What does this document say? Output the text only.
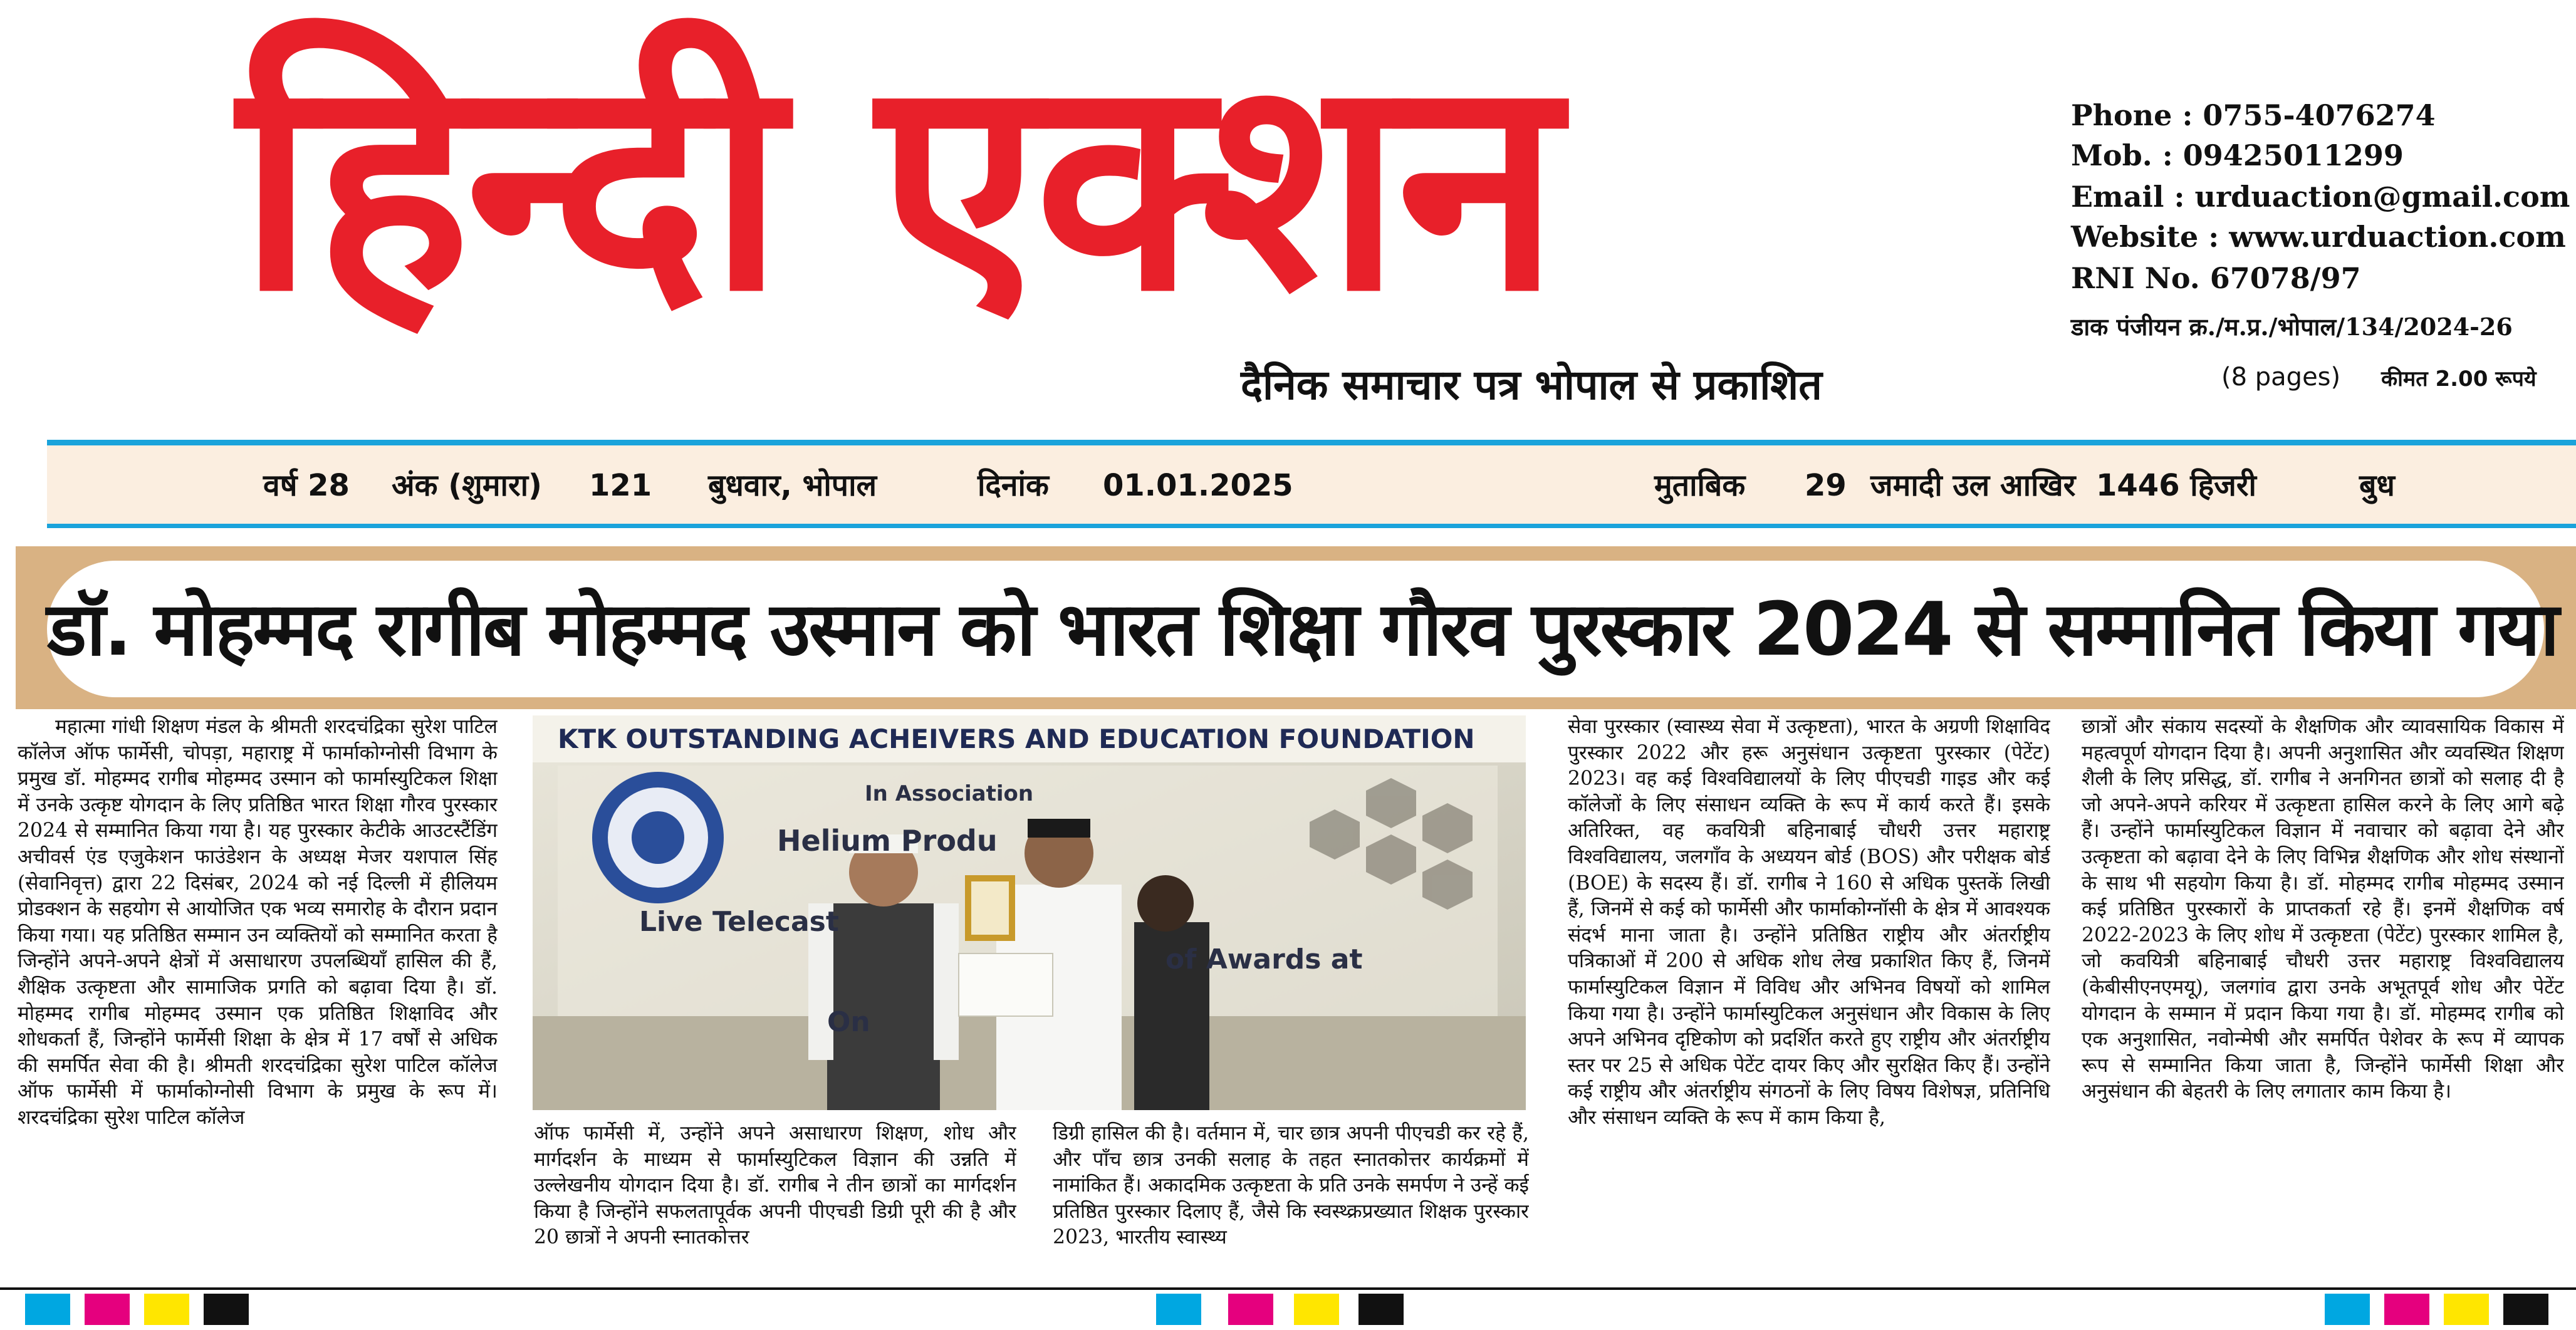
हिन्दी एक्शन
दैनिक समाचार पत्र भोपाल से प्रकाशित
Phone : 0755-4076274
Mob. : 09425011299
Email : urduaction@gmail.com
Website : www.urduaction.com
RNI No. 67078/97
डाक पंजीयन क्र./म.प्र./भोपाल/134/2024-26
(8 pages)	कीमत 2.00 रूपये
वर्ष 28	अंक (शुमारा)	121 बुधवार, भोपाल	दिनांक	01.01.2025	मुताबिक	29 जमादी उल आखिर 1446 हिजरी	बुध
डॉ. मोहम्मद रागीब मोहम्मद उस्मान को भारत शिक्षा गौरव पुरस्कार 2024 से सम्मानित किया गया
KTK OUTSTANDING ACHEIVERS AND EDUCATION FOUNDATION
In Association
Helium Produ
Live Telecast
of Awards at
On

महात्मा गांधी शिक्षण मंडल के श्रीमती शरदचंद्रिका सुरेश पाटिल कॉलेज ऑफ फार्मेसी, चोपड़ा, महाराष्ट्र में फार्माकोग्नोसी विभाग के प्रमुख डॉ. मोहम्मद रागीब मोहम्मद उस्मान को फार्मास्युटिकल शिक्षा में उनके उत्कृष्ट योगदान के लिए प्रतिष्ठित भारत शिक्षा गौरव पुरस्कार 2024 से सम्मानित किया गया है। यह पुरस्कार केटीके आउटस्टैंडिंग अचीवर्स एंड एजुकेशन फाउंडेशन के अध्यक्ष मेजर यशपाल सिंह (सेवानिवृत्त) द्वारा 22 दिसंबर, 2024 को नई दिल्ली में हीलियम प्रोडक्शन के सहयोग से आयोजित एक भव्य समारोह के दौरान प्रदान किया गया। यह प्रतिष्ठित सम्मान उन व्यक्तियों को सम्मानित करता है जिन्होंने अपने-अपने क्षेत्रों में असाधारण उपलब्धियाँ हासिल की हैं, शैक्षिक उत्कृष्टता और सामाजिक प्रगति को बढ़ावा दिया है। डॉ. मोहम्मद रागीब मोहम्मद उस्मान एक प्रतिष्ठित शिक्षाविद और शोधकर्ता हैं, जिन्होंने फार्मेसी शिक्षा के क्षेत्र में 17 वर्षों से अधिक की समर्पित सेवा की है। श्रीमती शरदचंद्रिका सुरेश पाटिल कॉलेज ऑफ फार्मेसी में फार्माकोग्नोसी विभाग के प्रमुख के रूप में। शरदचंद्रिका सुरेश पाटिल कॉलेज

ऑफ फार्मेसी में, उन्होंने अपने असाधारण शिक्षण, शोध और मार्गदर्शन के माध्यम से फार्मास्युटिकल विज्ञान की उन्नति में उल्लेखनीय योगदान दिया है। डॉ. रागीब ने तीन छात्रों का मार्गदर्शन किया है जिन्होंने सफलतापूर्वक अपनी पीएचडी डिग्री पूरी की है और 20 छात्रों ने अपनी स्नातकोत्तर

डिग्री हासिल की है। वर्तमान में, चार छात्र अपनी पीएचडी कर रहे हैं, और पाँच छात्र उनकी सलाह के तहत स्नातकोत्तर कार्यक्रमों में नामांकित हैं। अकादमिक उत्कृष्टता के प्रति उनके समर्पण ने उन्हें कई प्रतिष्ठित पुरस्कार दिलाए हैं, जैसे कि स्वस्थ्क्रप्रख्यात शिक्षक पुरस्कार 2023, भारतीय स्वास्थ्य

सेवा पुरस्कार (स्वास्थ्य सेवा में उत्कृष्टता), भारत के अग्रणी शिक्षाविद पुरस्कार 2022 और हरू अनुसंधान उत्कृष्टता पुरस्कार (पेटेंट) 2023। वह कई विश्वविद्यालयों के लिए पीएचडी गाइड और कई कॉलेजों के लिए संसाधन व्यक्ति के रूप में कार्य करते हैं। इसके अतिरिक्त, वह कवयित्री बहिनाबाई चौधरी उत्तर महाराष्ट्र विश्वविद्यालय, जलगाँव के अध्ययन बोर्ड (BOS) और परीक्षक बोर्ड (BOE) के सदस्य हैं। डॉ. रागीब ने 160 से अधिक पुस्तकें लिखी हैं, जिनमें से कई को फार्मेसी और फार्माकोग्नॉसी के क्षेत्र में आवश्यक संदर्भ माना जाता है। उन्होंने प्रतिष्ठित राष्ट्रीय और अंतर्राष्ट्रीय पत्रिकाओं में 200 से अधिक शोध लेख प्रकाशित किए हैं, जिनमें फार्मास्युटिकल विज्ञान में विविध और अभिनव विषयों को शामिल किया गया है। उन्होंने फार्मास्युटिकल अनुसंधान और विकास के लिए अपने अभिनव दृष्टिकोण को प्रदर्शित करते हुए राष्ट्रीय और अंतर्राष्ट्रीय स्तर पर 25 से अधिक पेटेंट दायर किए और सुरक्षित किए हैं। उन्होंने कई राष्ट्रीय और अंतर्राष्ट्रीय संगठनों के लिए विषय विशेषज्ञ, प्रतिनिधि और संसाधन व्यक्ति के रूप में काम किया है,

छात्रों और संकाय सदस्यों के शैक्षणिक और व्यावसायिक विकास में महत्वपूर्ण योगदान दिया है। अपनी अनुशासित और व्यवस्थित शिक्षण शैली के लिए प्रसिद्ध, डॉ. रागीब ने अनगिनत छात्रों को सलाह दी है जो अपने-अपने करियर में उत्कृष्टता हासिल करने के लिए आगे बढ़े हैं। उन्होंने फार्मास्युटिकल विज्ञान में नवाचार को बढ़ावा देने और उत्कृष्टता को बढ़ावा देने के लिए विभिन्न शैक्षणिक और शोध संस्थानों के साथ भी सहयोग किया है। डॉ. मोहम्मद रागीब मोहम्मद उस्मान कई प्रतिष्ठित पुरस्कारों के प्राप्तकर्ता रहे हैं। इनमें शैक्षणिक वर्ष 2022-2023 के लिए शोध में उत्कृष्टता (पेटेंट) पुरस्कार शामिल है, जो कवयित्री बहिनाबाई चौधरी उत्तर महाराष्ट्र विश्वविद्यालय (केबीसीएनएमयू), जलगांव द्वारा उनके अभूतपूर्व शोध और पेटेंट योगदान के सम्मान में प्रदान किया गया है। डॉ. मोहम्मद रागीब को एक अनुशासित, नवोन्मेषी और समर्पित पेशेवर के रूप में व्यापक रूप से सम्मानित किया जाता है, जिन्होंने फार्मेसी शिक्षा और अनुसंधान की बेहतरी के लिए लगातार काम किया है।
